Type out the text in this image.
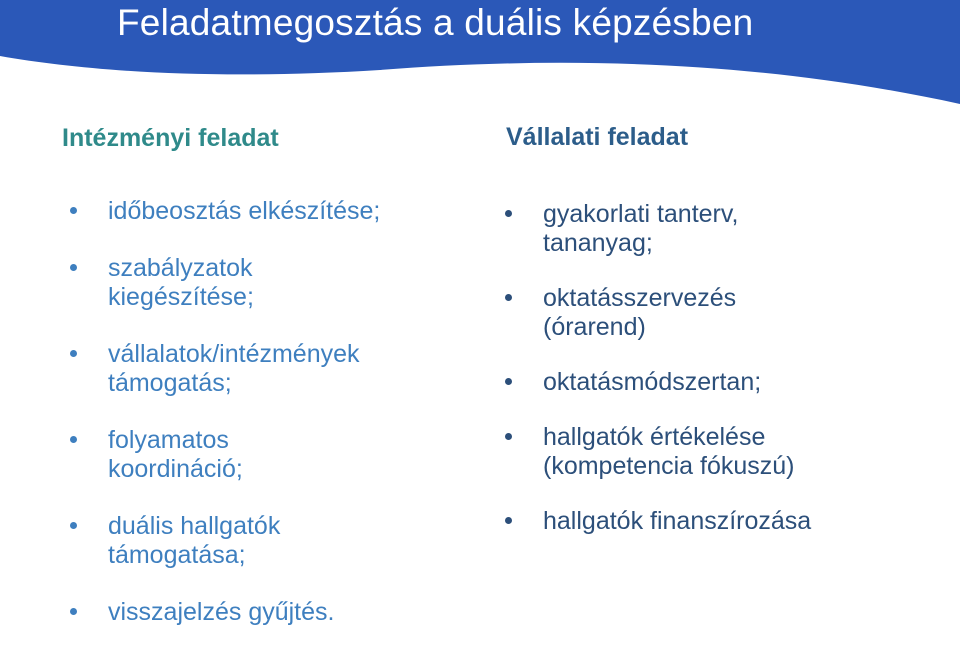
Feladatmegosztás a duális képzésben
Intézményi feladat	Vállalati feladat
időbeosztás elkészítése;
szabályzatok kiegészítése;
vállalatok/intézmények támogatás;
folyamatos koordináció;
duális hallgatók támogatása;
visszajelzés gyűjtés.
gyakorlati tanterv, tananyag;
oktatásszervezés (órarend)
oktatásmódszertan;
hallgatók értékelése (kompetencia fókuszú)
hallgatók finanszírozása
